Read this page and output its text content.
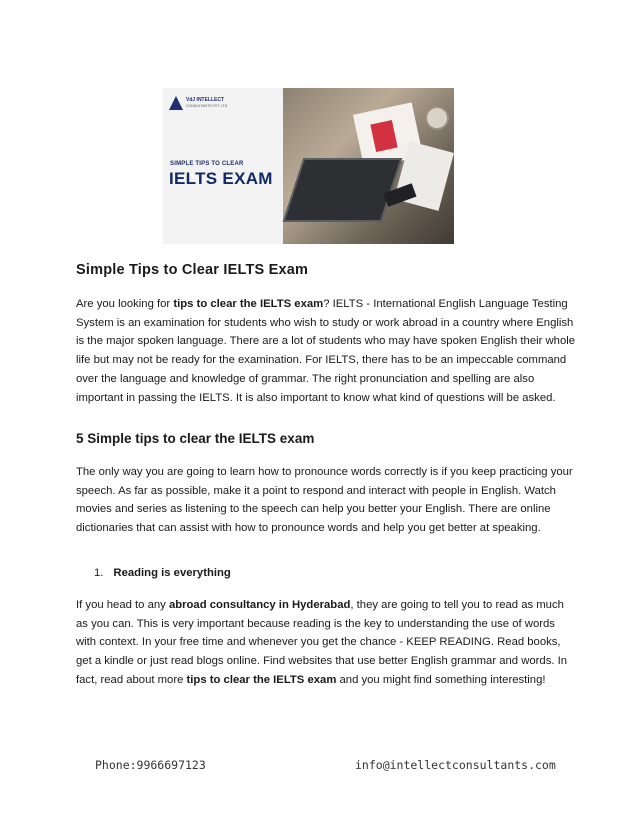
VdJ INTELLECT
CONSULTANTS PVT. LTD.
SIMPLE TIPS TO CLEAR
IELTS EXAM
Simple Tips to Clear IELTS Exam

Are you looking for tips to clear the IELTS exam? IELTS - International English Language Testing System is an examination for students who wish to study or work abroad in a country where English is the major spoken language. There are a lot of students who may have spoken English their whole life but may not be ready for the examination. For IELTS, there has to be an impeccable command over the language and knowledge of grammar. The right pronunciation and spelling are also important in passing the IELTS. It is also important to know what kind of questions will be asked.

5 Simple tips to clear the IELTS exam

The only way you are going to learn how to pronounce words correctly is if you keep practicing your speech. As far as possible, make it a point to respond and interact with people in English. Watch movies and series as listening to the speech can help you better your English. There are online dictionaries that can assist with how to pronounce words and help you get better at speaking.

1. Reading is everything

If you head to any abroad consultancy in Hyderabad, they are going to tell you to read as much as you can. This is very important because reading is the key to understanding the use of words with context. In your free time and whenever you get the chance - KEEP READING. Read books, get a kindle or just read blogs online. Find websites that use better English grammar and words. In fact, read about more tips to clear the IELTS exam and you might find something interesting!

Phone:9966697123	info@intellectconsultants.com
